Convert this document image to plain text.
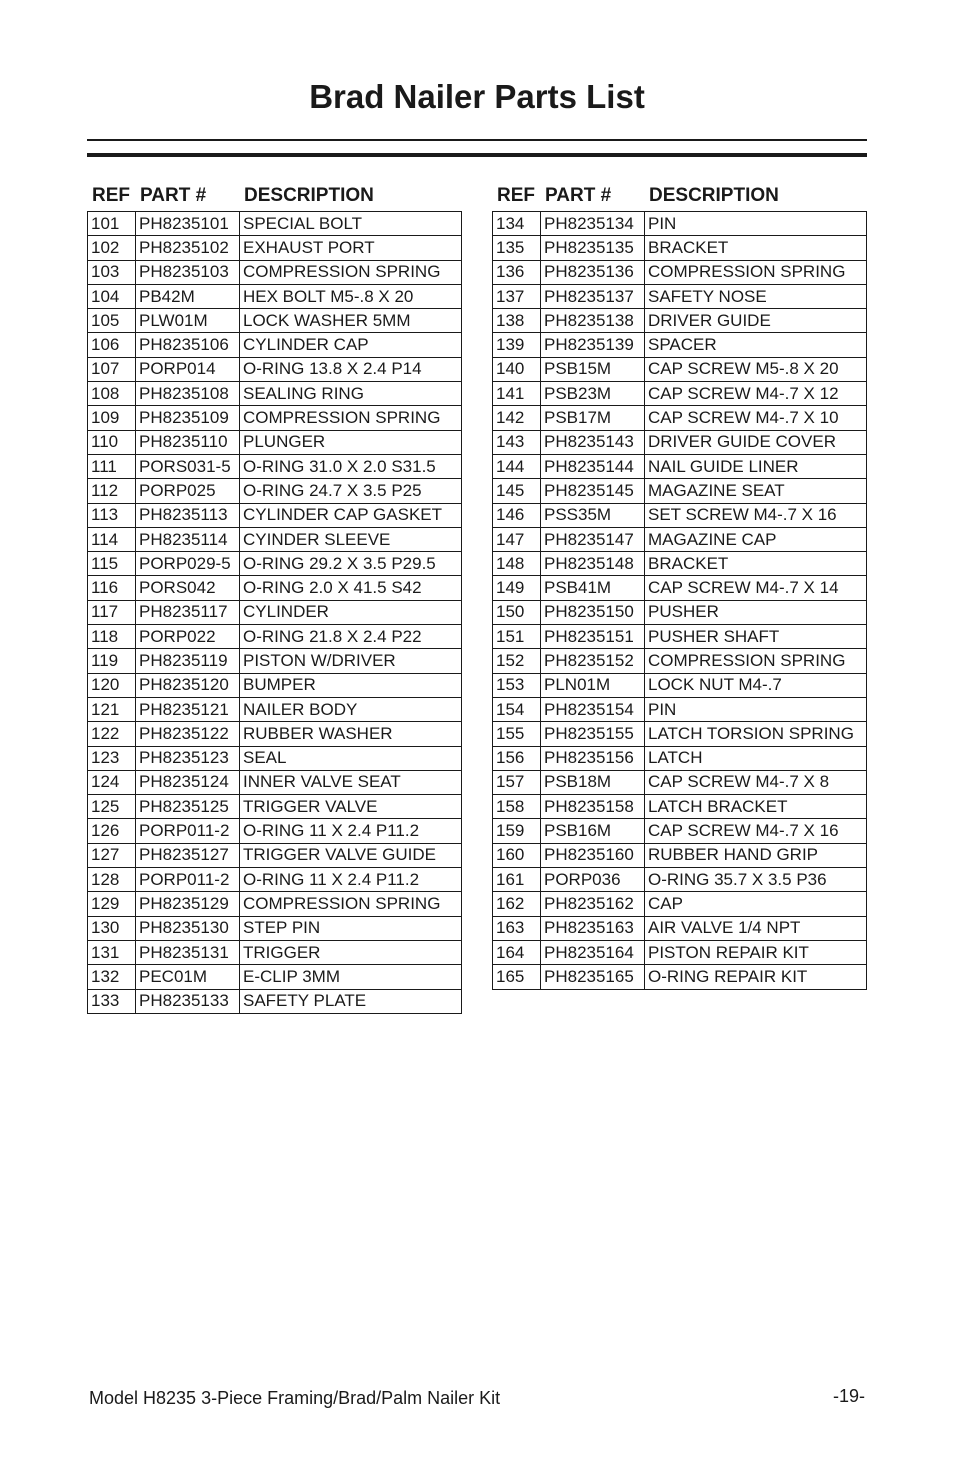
Brad Nailer Parts List
REF PART # DESCRIPTION
101	PH8235101	SPECIAL BOLT
102	PH8235102	EXHAUST PORT
103	PH8235103	COMPRESSION SPRING
104	PB42M	HEX BOLT M5-.8 X 20
105	PLW01M	LOCK WASHER 5MM
106	PH8235106	CYLINDER CAP
107	PORP014	O-RING 13.8 X 2.4 P14
108	PH8235108	SEALING RING
109	PH8235109	COMPRESSION SPRING
110	PH8235110	PLUNGER
111	PORS031-5	O-RING 31.0 X 2.0 S31.5
112	PORP025	O-RING 24.7 X 3.5 P25
113	PH8235113	CYLINDER CAP GASKET
114	PH8235114	CYINDER SLEEVE
115	PORP029-5	O-RING 29.2 X 3.5 P29.5
116	PORS042	O-RING 2.0 X 41.5 S42
117	PH8235117	CYLINDER
118	PORP022	O-RING 21.8 X 2.4 P22
119	PH8235119	PISTON W/DRIVER
120	PH8235120	BUMPER
121	PH8235121	NAILER BODY
122	PH8235122	RUBBER WASHER
123	PH8235123	SEAL
124	PH8235124	INNER VALVE SEAT
125	PH8235125	TRIGGER VALVE
126	PORP011-2	O-RING 11 X 2.4 P11.2
127	PH8235127	TRIGGER VALVE GUIDE
128	PORP011-2	O-RING 11 X 2.4 P11.2
129	PH8235129	COMPRESSION SPRING
130	PH8235130	STEP PIN
131	PH8235131	TRIGGER
132	PEC01M	E-CLIP 3MM
133	PH8235133	SAFETY PLATE
REF PART # DESCRIPTION
134	PH8235134	PIN
135	PH8235135	BRACKET
136	PH8235136	COMPRESSION SPRING
137	PH8235137	SAFETY NOSE
138	PH8235138	DRIVER GUIDE
139	PH8235139	SPACER
140	PSB15M	CAP SCREW M5-.8 X 20
141	PSB23M	CAP SCREW M4-.7 X 12
142	PSB17M	CAP SCREW M4-.7 X 10
143	PH8235143	DRIVER GUIDE COVER
144	PH8235144	NAIL GUIDE LINER
145	PH8235145	MAGAZINE SEAT
146	PSS35M	SET SCREW M4-.7 X 16
147	PH8235147	MAGAZINE CAP
148	PH8235148	BRACKET
149	PSB41M	CAP SCREW M4-.7 X 14
150	PH8235150	PUSHER
151	PH8235151	PUSHER SHAFT
152	PH8235152	COMPRESSION SPRING
153	PLN01M	LOCK NUT M4-.7
154	PH8235154	PIN
155	PH8235155	LATCH TORSION SPRING
156	PH8235156	LATCH
157	PSB18M	CAP SCREW M4-.7 X 8
158	PH8235158	LATCH BRACKET
159	PSB16M	CAP SCREW M4-.7 X 16
160	PH8235160	RUBBER HAND GRIP
161	PORP036	O-RING 35.7 X 3.5 P36
162	PH8235162	CAP
163	PH8235163	AIR VALVE 1/4 NPT
164	PH8235164	PISTON REPAIR KIT
165	PH8235165	O-RING REPAIR KIT
Model H8235 3-Piece Framing/Brad/Palm Nailer Kit	-19-
